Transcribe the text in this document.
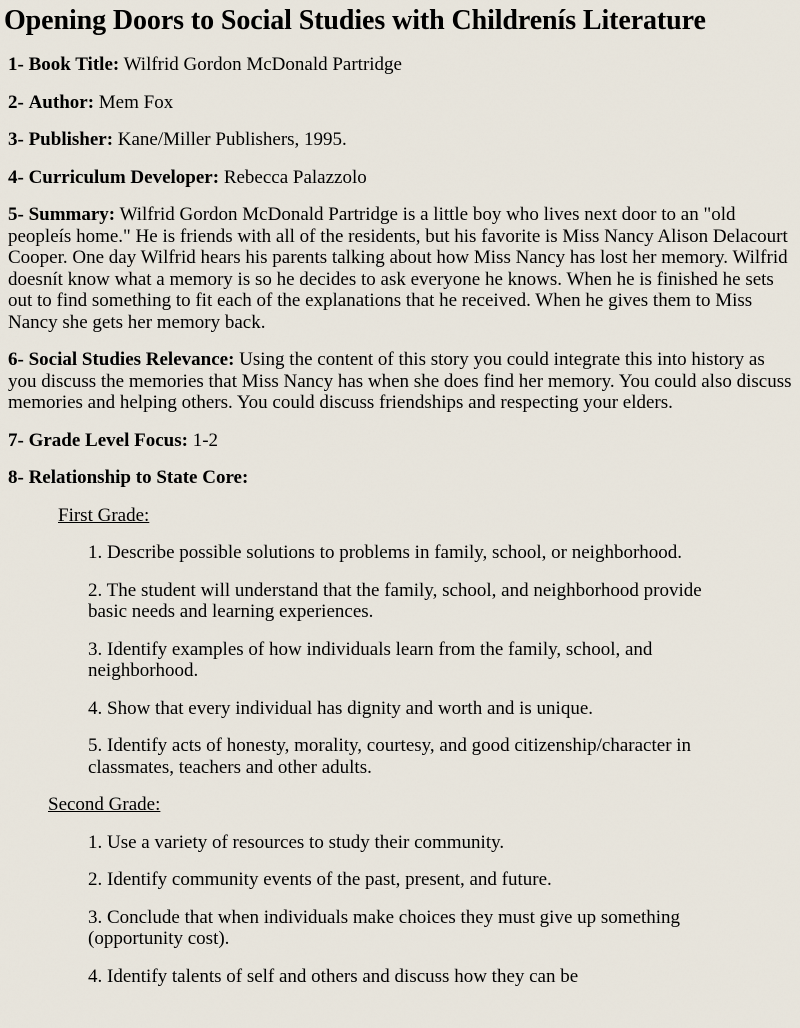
Opening Doors to Social Studies with Childrenís Literature
1- Book Title: Wilfrid Gordon McDonald Partridge
2- Author: Mem Fox
3- Publisher: Kane/Miller Publishers, 1995.
4- Curriculum Developer: Rebecca Palazzolo
5- Summary: Wilfrid Gordon McDonald Partridge is a little boy who lives next door to an "old peopleís home." He is friends with all of the residents, but his favorite is Miss Nancy Alison Delacourt Cooper. One day Wilfrid hears his parents talking about how Miss Nancy has lost her memory. Wilfrid doesnít know what a memory is so he decides to ask everyone he knows. When he is finished he sets out to find something to fit each of the explanations that he received. When he gives them to Miss Nancy she gets her memory back.
6- Social Studies Relevance: Using the content of this story you could integrate this into history as you discuss the memories that Miss Nancy has when she does find her memory. You could also discuss memories and helping others. You could discuss friendships and respecting your elders.
7- Grade Level Focus: 1-2
8- Relationship to State Core:
First Grade:
1. Describe possible solutions to problems in family, school, or neighborhood.
2. The student will understand that the family, school, and neighborhood provide basic needs and learning experiences.
3. Identify examples of how individuals learn from the family, school, and neighborhood.
4. Show that every individual has dignity and worth and is unique.
5. Identify acts of honesty, morality, courtesy, and good citizenship/character in classmates, teachers and other adults.
Second Grade:
1. Use a variety of resources to study their community.
2. Identify community events of the past, present, and future.
3. Conclude that when individuals make choices they must give up something (opportunity cost).
4. Identify talents of self and others and discuss how they can be
